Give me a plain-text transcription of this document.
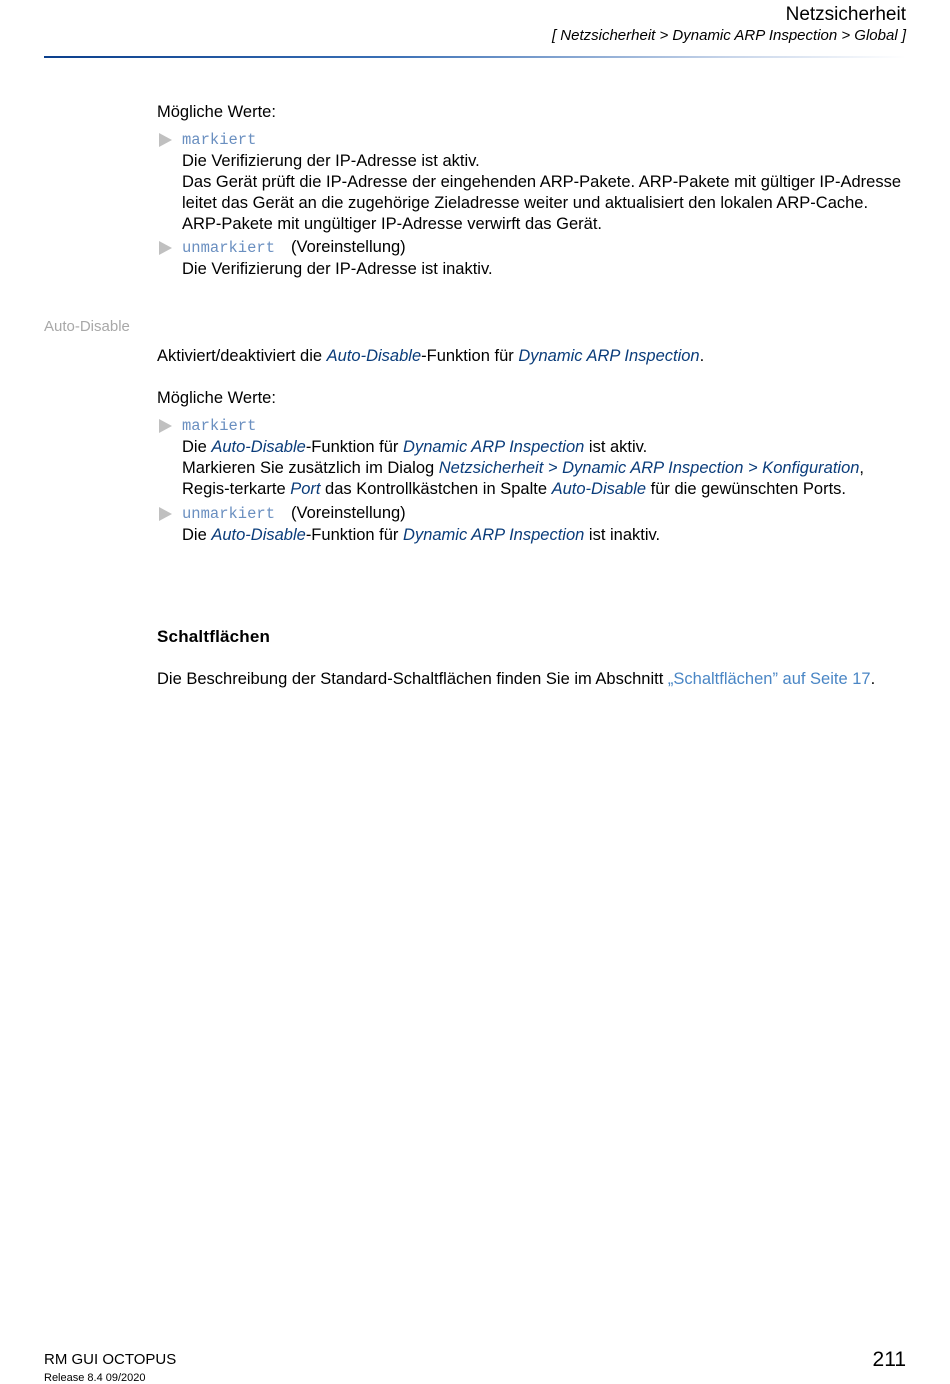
Netzsicherheit
[ Netzsicherheit > Dynamic ARP Inspection > Global ]
Mögliche Werte:
markiert
Die Verifizierung der IP-Adresse ist aktiv.
Das Gerät prüft die IP-Adresse der eingehenden ARP-Pakete. ARP-Pakete mit gültiger IP-Adresse leitet das Gerät an die zugehörige Zieladresse weiter und aktualisiert den lokalen ARP-Cache. ARP-Pakete mit ungültiger IP-Adresse verwirft das Gerät.
unmarkiert (Voreinstellung)
Die Verifizierung der IP-Adresse ist inaktiv.
Auto-Disable
Aktiviert/deaktiviert die Auto-Disable-Funktion für Dynamic ARP Inspection.
Mögliche Werte:
markiert
Die Auto-Disable-Funktion für Dynamic ARP Inspection ist aktiv.
Markieren Sie zusätzlich im Dialog Netzsicherheit > Dynamic ARP Inspection > Konfiguration, Regis-terkarte Port das Kontrollkästchen in Spalte Auto-Disable für die gewünschten Ports.
unmarkiert (Voreinstellung)
Die Auto-Disable-Funktion für Dynamic ARP Inspection ist inaktiv.
Schaltflächen
Die Beschreibung der Standard-Schaltflächen finden Sie im Abschnitt „Schaltflächen” auf Seite 17.
RM GUI OCTOPUS
Release 8.4 09/2020
211
